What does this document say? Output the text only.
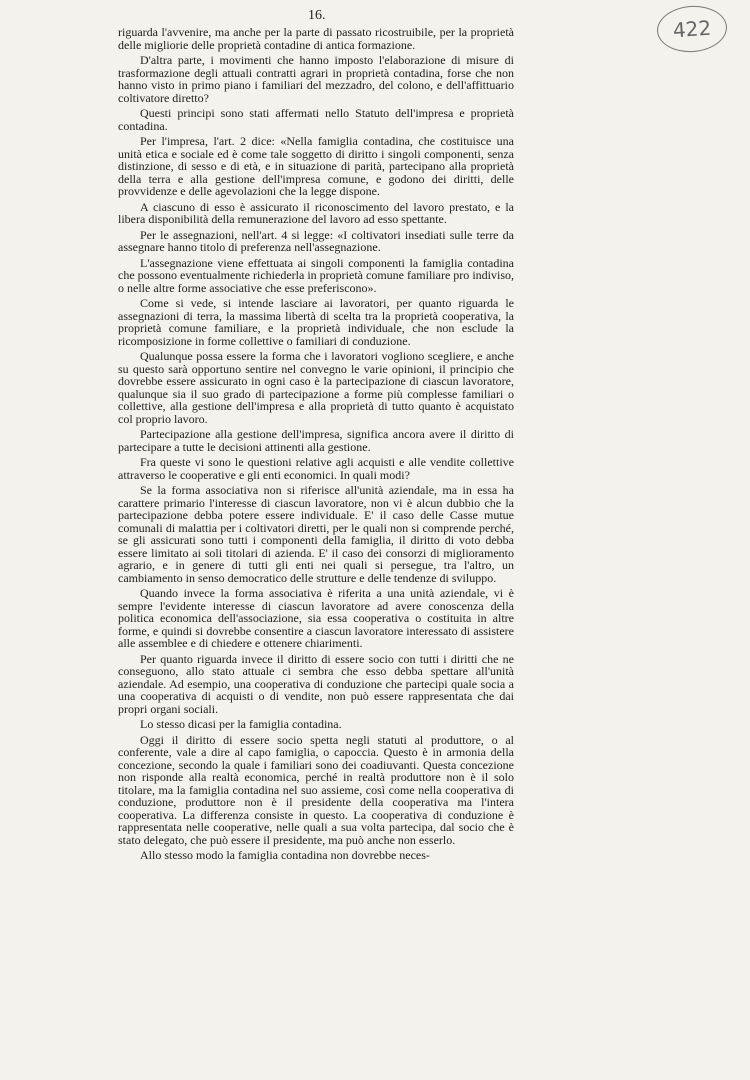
16.
422

riguarda l'avvenire, ma anche per la parte di passato ricostruibile, per la proprietà delle migliorie delle proprietà contadine di antica formazione.

D'altra parte, i movimenti che hanno imposto l'elaborazione di misure di trasformazione degli attuali contratti agrari in proprietà contadina, forse che non hanno visto in primo piano i familiari del mezzadro, del colono, e dell'affittuario coltivatore diretto?

Questi principi sono stati affermati nello Statuto dell'impresa e proprietà contadina.

Per l'impresa, l'art. 2 dice: «Nella famiglia contadina, che costituisce una unità etica e sociale ed è come tale soggetto di diritto i singoli componenti, senza distinzione, di sesso e di età, e in situazione di parità, partecipano alla proprietà della terra e alla gestione dell'impresa comune, e godono dei diritti, delle provvidenze e delle agevolazioni che la legge dispone.

A ciascuno di esso è assicurato il riconoscimento del lavoro prestato, e la libera disponibilità della remunerazione del lavoro ad esso spettante.

Per le assegnazioni, nell'art. 4 si legge: «I coltivatori insediati sulle terre da assegnare hanno titolo di preferenza nell'assegnazione.

L'assegnazione viene effettuata ai singoli componenti la famiglia contadina che possono eventualmente richiederla in proprietà comune familiare pro indiviso, o nelle altre forme associative che esse preferiscono».

Come si vede, si intende lasciare ai lavoratori, per quanto riguarda le assegnazioni di terra, la massima libertà di scelta tra la proprietà cooperativa, la proprietà comune familiare, e la proprietà individuale, che non esclude la ricomposizione in forme collettive o familiari di conduzione.

Qualunque possa essere la forma che i lavoratori vogliono scegliere, e anche su questo sarà opportuno sentire nel convegno le varie opinioni, il principio che dovrebbe essere assicurato in ogni caso è la partecipazione di ciascun lavoratore, qualunque sia il suo grado di partecipazione a forme più complesse familiari o collettive, alla gestione dell'impresa e alla proprietà di tutto quanto è acquistato col proprio lavoro.

Partecipazione alla gestione dell'impresa, significa ancora avere il diritto di partecipare a tutte le decisioni attinenti alla gestione.

Fra queste vi sono le questioni relative agli acquisti e alle vendite collettive attraverso le cooperative e gli enti economici. In quali modi?

Se la forma associativa non si riferisce all'unità aziendale, ma in essa ha carattere primario l'interesse di ciascun lavoratore, non vi è alcun dubbio che la partecipazione debba potere essere individuale. E' il caso delle Casse mutue comunali di malattia per i coltivatori diretti, per le quali non si comprende perché, se gli assicurati sono tutti i componenti della famiglia, il diritto di voto debba essere limitato ai soli titolari di azienda. E' il caso dei consorzi di miglioramento agrario, e in genere di tutti gli enti nei quali si persegue, tra l'altro, un cambiamento in senso democratico delle strutture e delle tendenze di sviluppo.

Quando invece la forma associativa è riferita a una unità aziendale, vi è sempre l'evidente interesse di ciascun lavoratore ad avere conoscenza della politica economica dell'associazione, sia essa cooperativa o costituita in altre forme, e quindi si dovrebbe consentire a ciascun lavoratore interessato di assistere alle assemblee e di chiedere e ottenere chiarimenti.

Per quanto riguarda invece il diritto di essere socio con tutti i diritti che ne conseguono, allo stato attuale ci sembra che esso debba spettare all'unità aziendale. Ad esempio, una cooperativa di conduzione che partecipi quale socia a una cooperativa di acquisti o di vendite, non può essere rappresentata che dai propri organi sociali.

Lo stesso dicasi per la famiglia contadina.

Oggi il diritto di essere socio spetta negli statuti al produttore, o al conferente, vale a dire al capo famiglia, o capoccia. Questo è in armonia della concezione, secondo la quale i familiari sono dei coadiuvanti. Questa concezione non risponde alla realtà economica, perché in realtà produttore non è il solo titolare, ma la famiglia contadina nel suo assieme, così come nella cooperativa di conduzione, produttore non è il presidente della cooperativa ma l'intera cooperativa. La differenza consiste in questo. La cooperativa di conduzione è rappresentata nelle cooperative, nelle quali a sua volta partecipa, dal socio che è stato delegato, che può essere il presidente, ma può anche non esserlo.

Allo stesso modo la famiglia contadina non dovrebbe neces-
